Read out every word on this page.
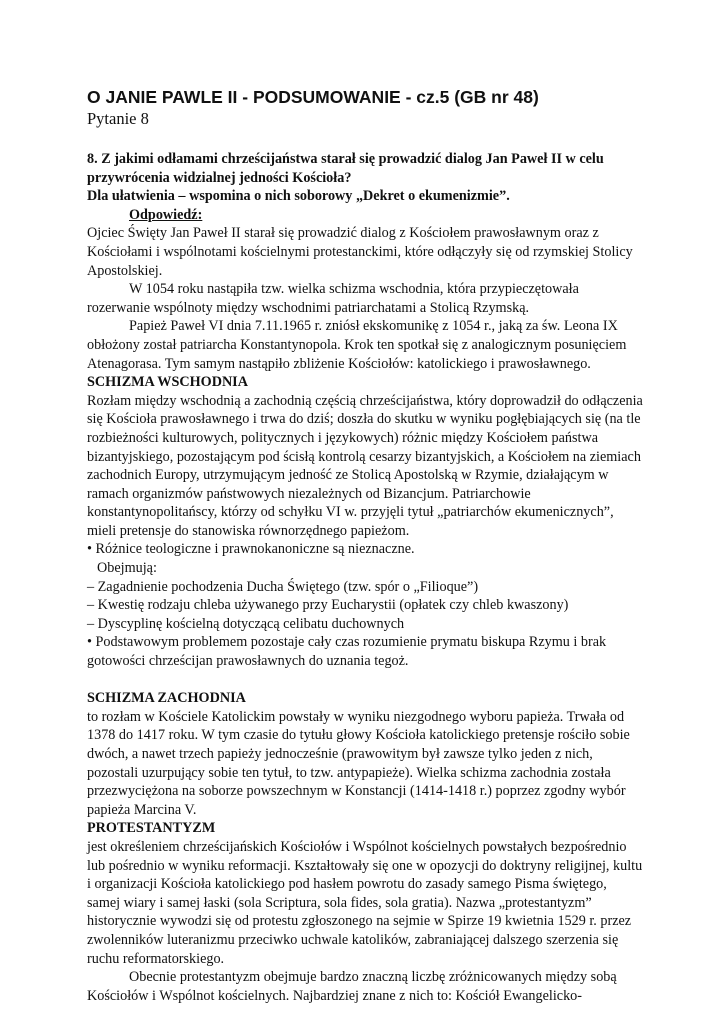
O JANIE PAWLE II - PODSUMOWANIE - cz.5 (GB nr 48)

Pytanie 8

8. Z jakimi odłamami chrześcijaństwa starał się prowadzić dialog Jan Paweł II w celu przywrócenia widzialnej jedności Kościoła?

Dla ułatwienia – wspomina o nich soborowy „Dekret o ekumenizmie”.

Odpowiedź:

Ojciec Święty Jan Paweł II starał się prowadzić dialog z Kościołem prawosławnym oraz z Kościołami i wspólnotami kościelnymi protestanckimi, które odłączyły się od rzymskiej Stolicy Apostolskiej.

W 1054 roku nastąpiła tzw. wielka schizma wschodnia, która przypieczętowała rozerwanie wspólnoty między wschodnimi patriarchatami a Stolicą Rzymską.

Papież Paweł VI dnia 7.11.1965 r. zniósł ekskomunikę z 1054 r., jaką za św. Leona IX obłożony został patriarcha Konstantynopola. Krok ten spotkał się z analogicznym posunięciem Atenagorasa. Tym samym nastąpiło zbliżenie Kościołów: katolickiego i prawosławnego.

SCHIZMA WSCHODNIA

Rozłam między wschodnią a zachodnią częścią chrześcijaństwa, który doprowadził do odłączenia się Kościoła prawosławnego i trwa do dziś; doszła do skutku w wyniku pogłębiających się (na tle rozbieżności kulturowych, politycznych i językowych) różnic między Kościołem państwa bizantyjskiego, pozostającym pod ścisłą kontrolą cesarzy bizantyjskich, a Kościołem na ziemiach zachodnich Europy, utrzymującym jedność ze Stolicą Apostolską w Rzymie, działającym w ramach organizmów państwowych niezależnych od Bizancjum. Patriarchowie konstantynopolitańscy, którzy od schyłku VI w. przyjęli tytuł „patriarchów ekumenicznych”, mieli pretensje do stanowiska równorzędnego papieżom.

• Różnice teologiczne i prawnokanoniczne są nieznaczne.

Obejmują:

– Zagadnienie pochodzenia Ducha Świętego (tzw. spór o „Filioque”)

– Kwestię rodzaju chleba używanego przy Eucharystii (opłatek czy chleb kwaszony)

– Dyscyplinę kościelną dotyczącą celibatu duchownych

• Podstawowym problemem pozostaje cały czas rozumienie prymatu biskupa Rzymu i brak gotowości chrześcijan prawosławnych do uznania tegoż.

SCHIZMA ZACHODNIA

to rozłam w Kościele Katolickim powstały w wyniku niezgodnego wyboru papieża. Trwała od 1378 do 1417 roku. W tym czasie do tytułu głowy Kościoła katolickiego pretensje rościło sobie dwóch, a nawet trzech papieży jednocześnie (prawowitym był zawsze tylko jeden z nich, pozostali uzurpujący sobie ten tytuł, to tzw. antypapieże). Wielka schizma zachodnia została przezwyciężona na soborze powszechnym w Konstancji (1414-1418 r.) poprzez zgodny wybór papieża Marcina V.

PROTESTANTYZM

jest określeniem chrześcijańskich Kościołów i Wspólnot kościelnych powstałych bezpośrednio lub pośrednio w wyniku reformacji. Kształtowały się one w opozycji do doktryny religijnej, kultu i organizacji Kościoła katolickiego pod hasłem powrotu do zasady samego Pisma świętego, samej wiary i samej łaski (sola Scriptura, sola fides, sola gratia). Nazwa „protestantyzm” historycznie wywodzi się od protestu zgłoszonego na sejmie w Spirze 19 kwietnia 1529 r. przez zwolenników luteranizmu przeciwko uchwale katolików, zabraniającej dalszego szerzenia się ruchu reformatorskiego.

Obecnie protestantyzm obejmuje bardzo znaczną liczbę zróżnicowanych między sobą Kościołów i Wspólnot kościelnych. Najbardziej znane z nich to: Kościół Ewangelicko-
